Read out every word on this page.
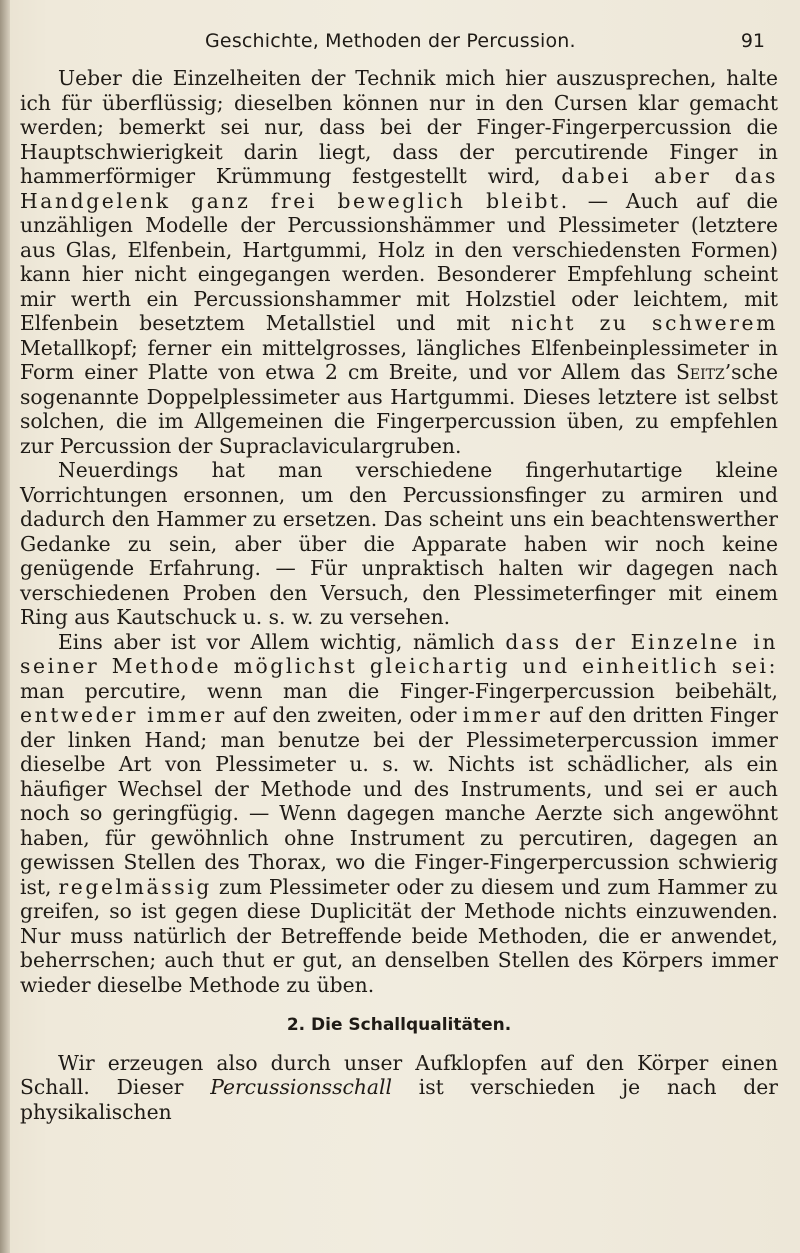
Geschichte, Methoden der Percussion.	91

Ueber die Einzelheiten der Technik mich hier auszusprechen, halte ich für überflüssig; dieselben können nur in den Cursen klar gemacht werden; bemerkt sei nur, dass bei der Finger-Fingerpercussion die Hauptschwierigkeit darin liegt, dass der percutirende Finger in hammerförmiger Krümmung festgestellt wird, dabei aber das Handgelenk ganz frei beweglich bleibt. — Auch auf die unzähligen Modelle der Percussionshämmer und Plessimeter (letztere aus Glas, Elfenbein, Hartgummi, Holz in den verschiedensten Formen) kann hier nicht eingegangen werden. Besonderer Empfehlung scheint mir werth ein Percussionshammer mit Holzstiel oder leichtem, mit Elfenbein besetztem Metallstiel und mit nicht zu schwerem Metallkopf; ferner ein mittelgrosses, längliches Elfenbeinplessimeter in Form einer Platte von etwa 2 cm Breite, und vor Allem das Seitz’sche sogenannte Doppelplessimeter aus Hartgummi. Dieses letztere ist selbst solchen, die im Allgemeinen die Fingerpercussion üben, zu empfehlen zur Percussion der Supraclaviculargruben.

Neuerdings hat man verschiedene fingerhutartige kleine Vorrichtungen ersonnen, um den Percussionsfinger zu armiren und dadurch den Hammer zu ersetzen. Das scheint uns ein beachtenswerther Gedanke zu sein, aber über die Apparate haben wir noch keine genügende Erfahrung. — Für unpraktisch halten wir dagegen nach verschiedenen Proben den Versuch, den Plessimeterfinger mit einem Ring aus Kautschuck u. s. w. zu versehen.

Eins aber ist vor Allem wichtig, nämlich dass der Einzelne in seiner Methode möglichst gleichartig und einheitlich sei: man percutire, wenn man die Finger-Fingerpercussion beibehält, entweder immer auf den zweiten, oder immer auf den dritten Finger der linken Hand; man benutze bei der Plessimeterpercussion immer dieselbe Art von Plessimeter u. s. w. Nichts ist schädlicher, als ein häufiger Wechsel der Methode und des Instruments, und sei er auch noch so geringfügig. — Wenn dagegen manche Aerzte sich angewöhnt haben, für gewöhnlich ohne Instrument zu percutiren, dagegen an gewissen Stellen des Thorax, wo die Finger-Fingerpercussion schwierig ist, regelmässig zum Plessimeter oder zu diesem und zum Hammer zu greifen, so ist gegen diese Duplicität der Methode nichts einzuwenden. Nur muss natürlich der Betreffende beide Methoden, die er anwendet, beherrschen; auch thut er gut, an denselben Stellen des Körpers immer wieder dieselbe Methode zu üben.

2. Die Schallqualitäten.

Wir erzeugen also durch unser Aufklopfen auf den Körper einen Schall. Dieser Percussionsschall ist verschieden je nach der physikalischen
